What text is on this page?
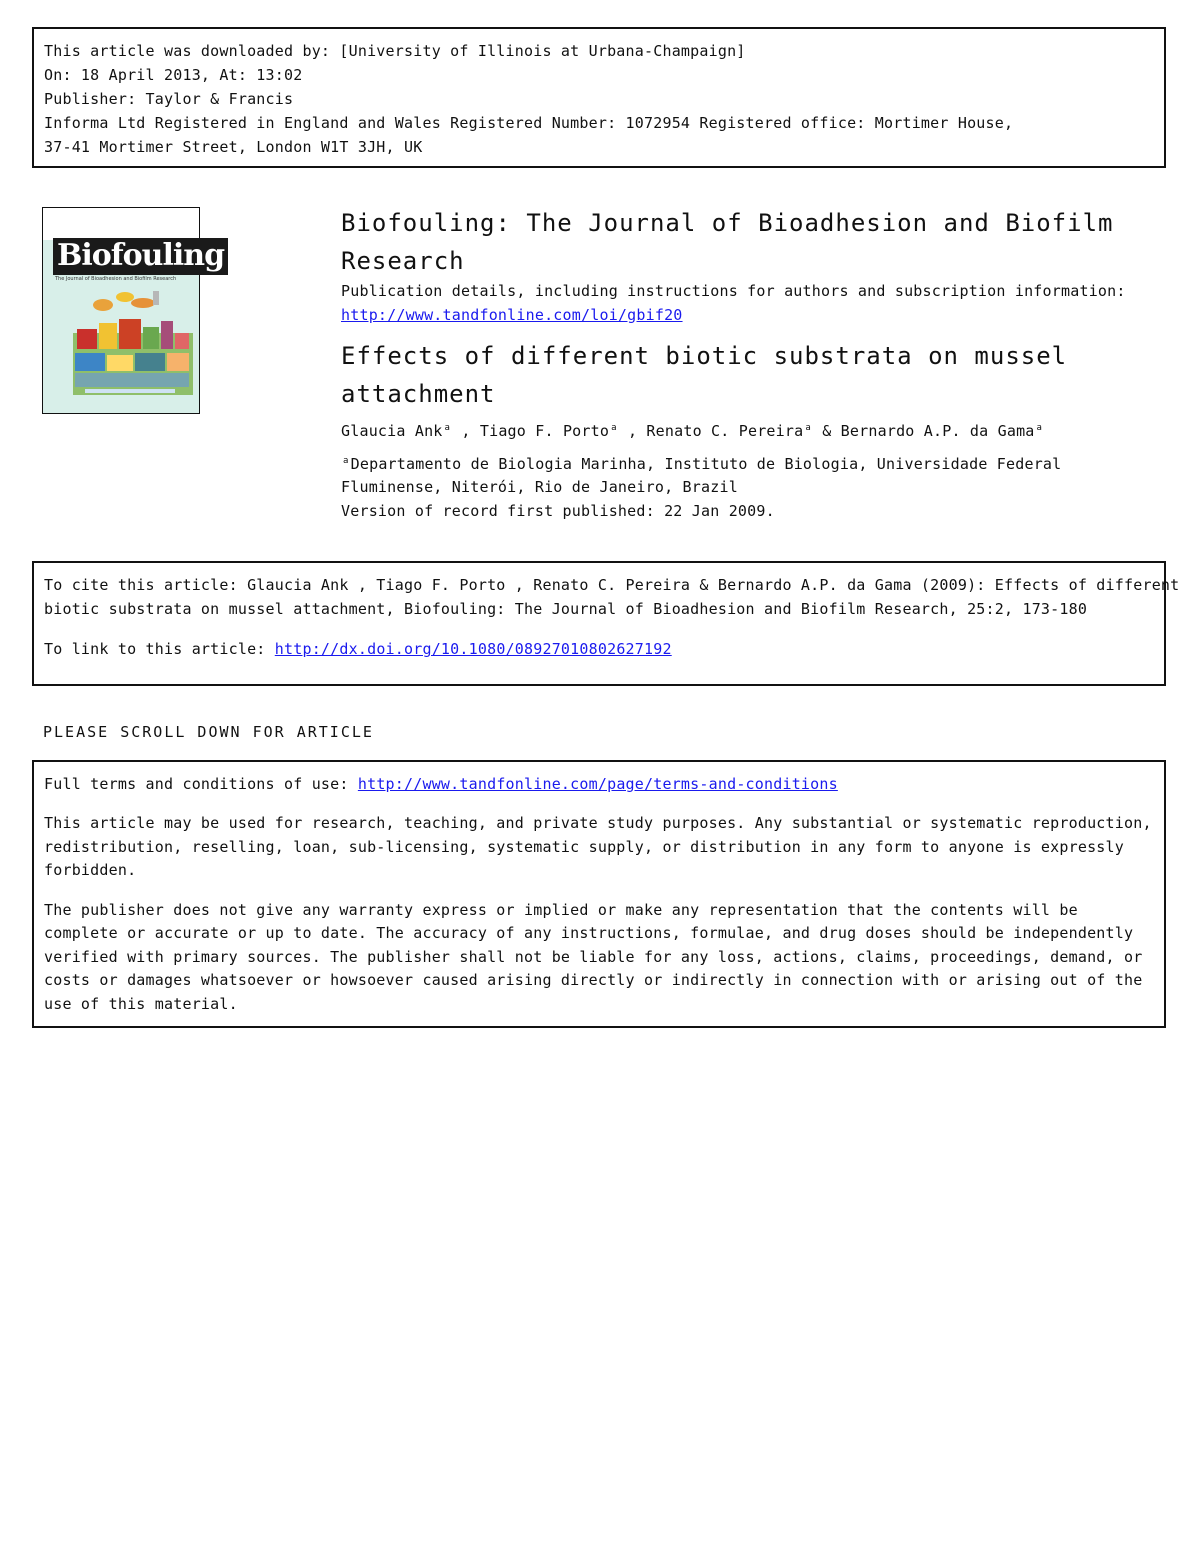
This article was downloaded by: [University of Illinois at Urbana-Champaign]
On: 18 April 2013, At: 13:02
Publisher: Taylor & Francis
Informa Ltd Registered in England and Wales Registered Number: 1072954 Registered office: Mortimer House,
37-41 Mortimer Street, London W1T 3JH, UK
Biofouling
The Journal of Bioadhesion and Biofilm Research
Biofouling: The Journal of Bioadhesion and Biofilm
Research
Publication details, including instructions for authors and subscription information:
http://www.tandfonline.com/loi/gbif20
Effects of different biotic substrata on mussel
attachment
Glaucia Ank $^a$ , Tiago F. Porto $^a$ , Renato C. Pereira $^a$ & Bernardo A.P. da Gama $^a$
$^a$ Departamento de Biologia Marinha, Instituto de Biologia, Universidade Federal
Fluminense, Niterói, Rio de Janeiro, Brazil
Version of record first published: 22 Jan 2009.
To cite this article: Glaucia Ank , Tiago F. Porto , Renato C. Pereira & Bernardo A.P. da Gama (2009): Effects of different
biotic substrata on mussel attachment, Biofouling: The Journal of Bioadhesion and Biofilm Research, 25:2, 173-180
To link to this article: http://dx.doi.org/10.1080/08927010802627192
PLEASE SCROLL DOWN FOR ARTICLE
Full terms and conditions of use: http://www.tandfonline.com/page/terms-and-conditions

This article may be used for research, teaching, and private study purposes. Any substantial or systematic reproduction, redistribution, reselling, loan, sub-licensing, systematic supply, or distribution in any form to anyone is expressly forbidden.

The publisher does not give any warranty express or implied or make any representation that the contents will be complete or accurate or up to date. The accuracy of any instructions, formulae, and drug doses should be independently verified with primary sources. The publisher shall not be liable for any loss, actions, claims, proceedings, demand, or costs or damages whatsoever or howsoever caused arising directly or indirectly in connection with or arising out of the use of this material.
